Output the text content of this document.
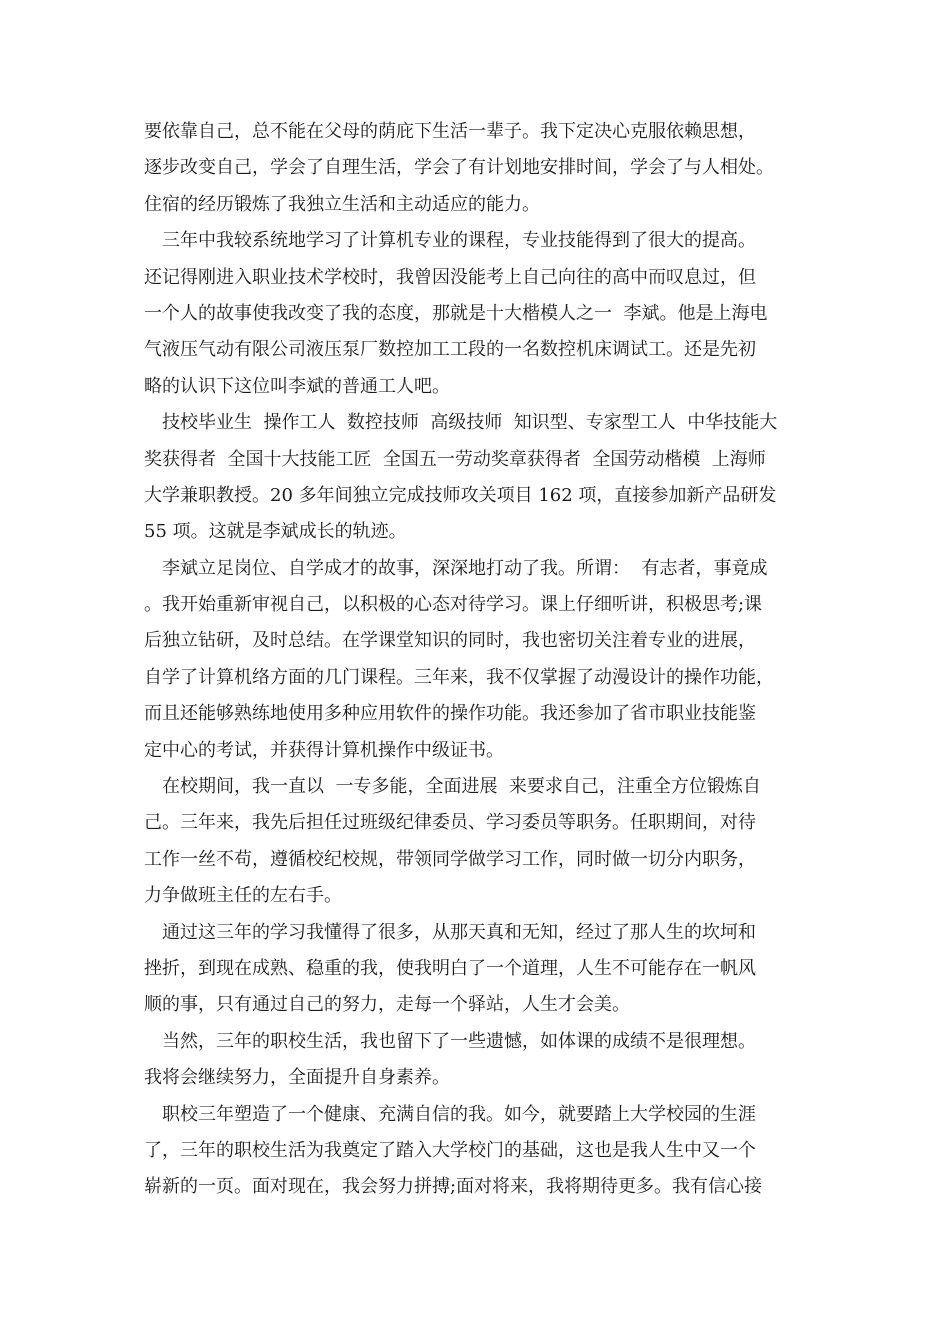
要依靠自己，总不能在父母的荫庇下生活一辈子。我下定决心克服依赖思想，

逐步改变自己，学会了自理生活，学会了有计划地安排时间，学会了与人相处。

住宿的经历锻炼了我独立生活和主动适应的能力。

三年中我较系统地学习了计算机专业的课程，专业技能得到了很大的提高。

还记得刚进入职业技术学校时，我曾因没能考上自己向往的高中而叹息过，但

一个人的故事使我改变了我的态度，那就是十大楷模人之一  李斌。他是上海电

气液压气动有限公司液压泵厂数控加工工段的一名数控机床调试工。还是先初

略的认识下这位叫李斌的普通工人吧。

技校毕业生  操作工人  数控技师  高级技师  知识型、专家型工人  中华技能大

奖获得者  全国十大技能工匠  全国五一劳动奖章获得者  全国劳动楷模  上海师

大学兼职教授。20 多年间独立完成技师攻关项目 162 项，直接参加新产品研发

55 项。这就是李斌成长的轨迹。

李斌立足岗位、自学成才的故事，深深地打动了我。所谓：  有志者，事竟成

。我开始重新审视自己，以积极的心态对待学习。课上仔细听讲，积极思考;课

后独立钻研，及时总结。在学课堂知识的同时，我也密切关注着专业的进展，

自学了计算机络方面的几门课程。三年来，我不仅掌握了动漫设计的操作功能，

而且还能够熟练地使用多种应用软件的操作功能。我还参加了省市职业技能鉴

定中心的考试，并获得计算机操作中级证书。

在校期间，我一直以  一专多能，全面进展  来要求自己，注重全方位锻炼自

己。三年来，我先后担任过班级纪律委员、学习委员等职务。任职期间，对待

工作一丝不苟，遵循校纪校规，带领同学做学习工作，同时做一切分内职务，

力争做班主任的左右手。

通过这三年的学习我懂得了很多，从那天真和无知，经过了那人生的坎坷和

挫折，到现在成熟、稳重的我，使我明白了一个道理，人生不可能存在一帆风

顺的事，只有通过自己的努力，走每一个驿站，人生才会美。

当然，三年的职校生活，我也留下了一些遗憾，如体课的成绩不是很理想。

我将会继续努力，全面提升自身素养。

职校三年塑造了一个健康、充满自信的我。如今，就要踏上大学校园的生涯

了，三年的职校生活为我奠定了踏入大学校门的基础，这也是我人生中又一个

崭新的一页。面对现在，我会努力拼搏;面对将来，我将期待更多。我有信心接
